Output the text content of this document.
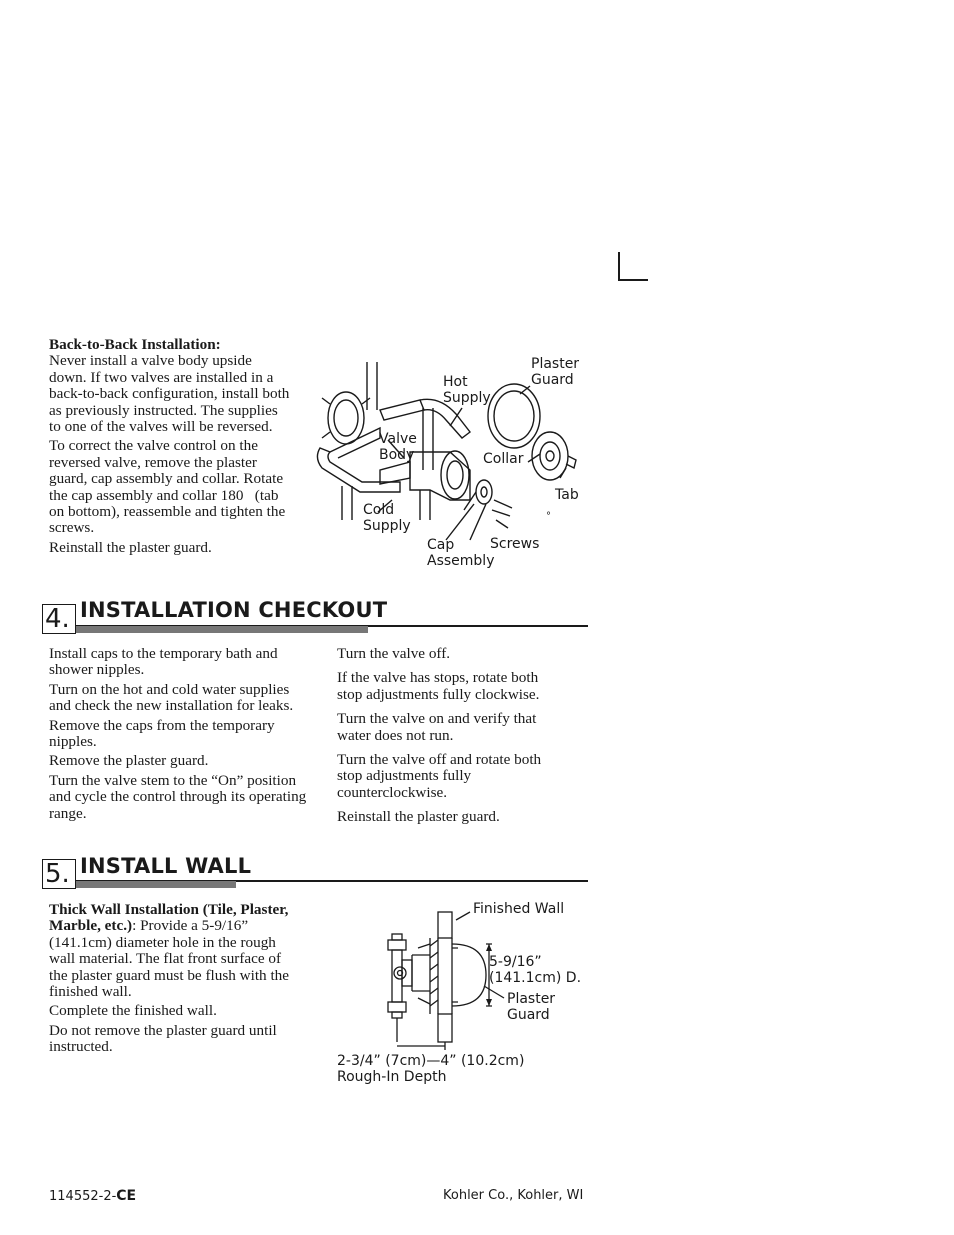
Back-to-Back Installation:

Never install a valve body upside down. If two valves are installed in a back-to-back configuration, install both as previously instructed. The supplies to one of the valves will be reversed.

To correct the valve control on the reversed valve, remove the plaster guard, cap assembly and collar. Rotate the cap assembly and collar 180   (tab on bottom), reassemble and tighten the screws.

Reinstall the plaster guard.

Plaster
Guard
Hot
Supply
Valve
Body	Collar
Tab
Cold
Supply
Cap
Assembly
Screws
°
4. INSTALLATION CHECKOUT

Install caps to the temporary bath and shower nipples.

Turn on the hot and cold water supplies and check the new installation for leaks.

Remove the caps from the temporary nipples.

Remove the plaster guard.

Turn the valve stem to the “On” position and cycle the control through its operating range.

Turn the valve off.

If the valve has stops, rotate both stop adjustments fully clockwise.

Turn the valve on and verify that water does not run.

Turn the valve off and rotate both stop adjustments fully counterclockwise.

Reinstall the plaster guard.

5. INSTALL WALL

Thick Wall Installation (Tile, Plaster, Marble, etc.): Provide a 5-9/16” (141.1cm) diameter hole in the rough wall material. The flat front surface of the plaster guard must be flush with the finished wall.

Complete the finished wall.

Do not remove the plaster guard until instructed.

Finished Wall
5-9/16”
(141.1cm) D.
Plaster
Guard
2-3/4” (7cm)—4” (10.2cm)
Rough-In Depth
114552-2-CE	Kohler Co., Kohler, WI
